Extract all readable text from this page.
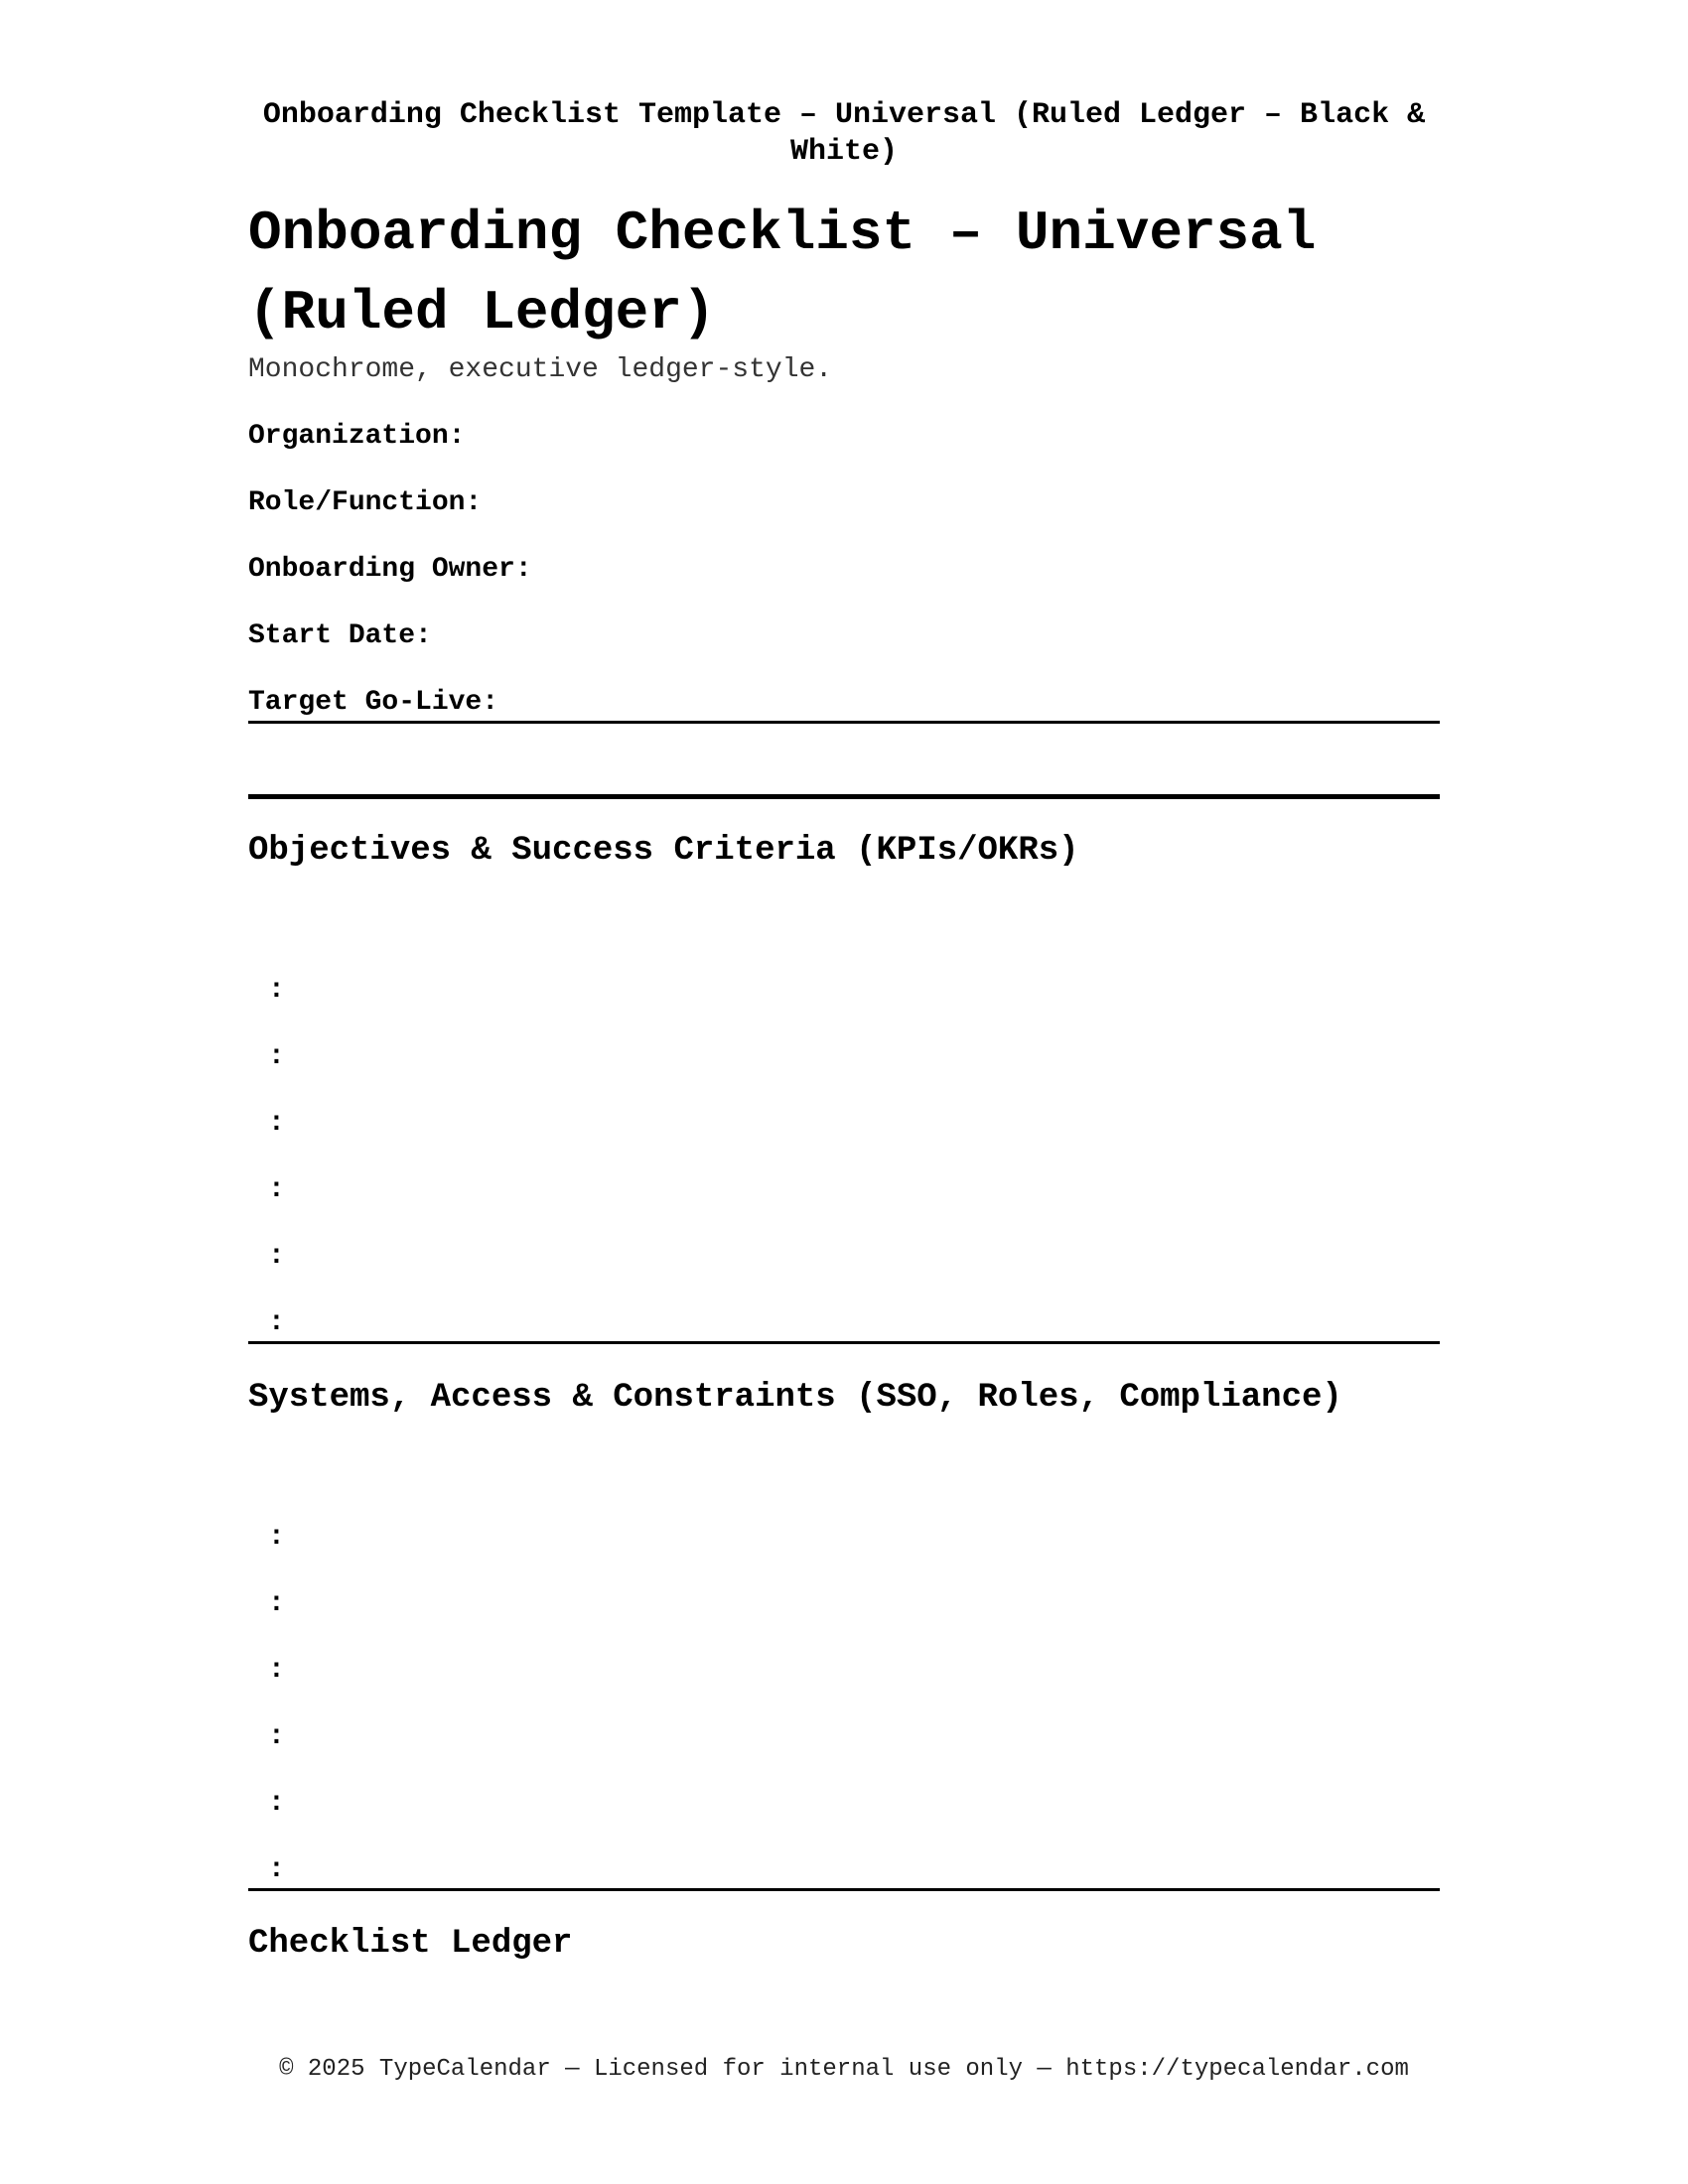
Onboarding Checklist Template – Universal (Ruled Ledger – Black & White)
Onboarding Checklist – Universal (Ruled Ledger)
Monochrome, executive ledger-style.
Organization:
Role/Function:
Onboarding Owner:
Start Date:
Target Go-Live:
Objectives & Success Criteria (KPIs/OKRs)
:
:
:
:
:
:
Systems, Access & Constraints (SSO, Roles, Compliance)
:
:
:
:
:
:
Checklist Ledger
© 2025 TypeCalendar — Licensed for internal use only — https://typecalendar.com
